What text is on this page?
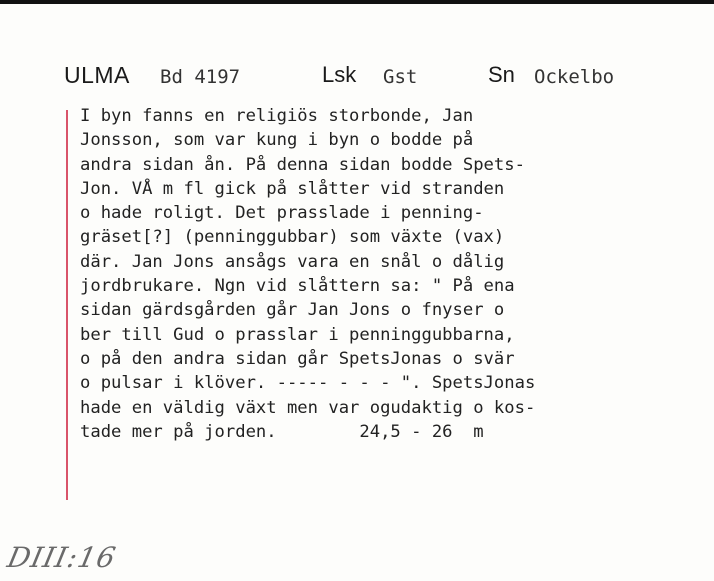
ULMA Bd 4197	Lsk Gst	Sn Ockelbo
I byn fanns en religiös storbonde, Jan
Jonsson, som var kung i byn o bodde på
andra sidan ån. På denna sidan bodde Spets-
Jon. VÅ m fl gick på slåtter vid stranden
o hade roligt. Det prasslade i penning-
gräset[?] (penninggubbar) som växte (vax)
där. Jan Jons ansågs vara en snål o dålig
jordbrukare. Ngn vid slåttern sa: " På ena
sidan gärdsgården går Jan Jons o fnyser o
ber till Gud o prasslar i penninggubbarna,
o på den andra sidan går SpetsJonas o svär
o pulsar i klöver. ----- - - - ". SpetsJonas
hade en väldig växt men var ogudaktig o kos-
tade mer på jorden.        24,5 - 26  m
DIII:16
